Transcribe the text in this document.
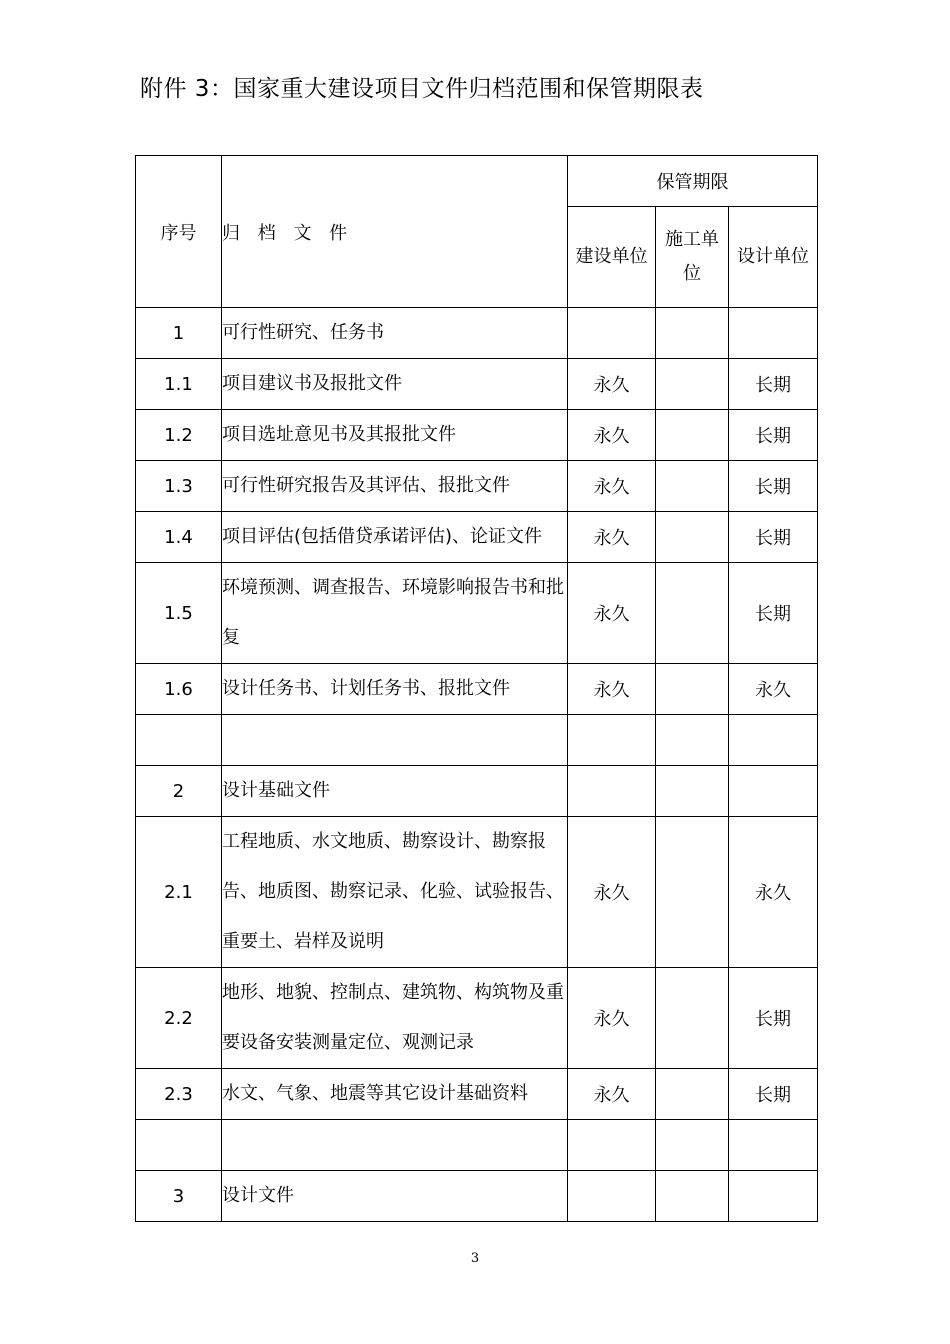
附件 3：国家重大建设项目文件归档范围和保管期限表
序号	归 档 文 件	保管期限		
		建设单位	施工单位	设计单位
1	可行性研究、任务书			
1.1	项目建议书及报批文件	永久		长期
1.2	项目选址意见书及其报批文件	永久		长期
1.3	可行性研究报告及其评估、报批文件	永久		长期
1.4	项目评估(包括借贷承诺评估)、论证文件	永久		长期
1.5	环境预测、调查报告、环境影响报告书和批复	永久		长期
1.6	设计任务书、计划任务书、报批文件	永久		永久

2	设计基础文件			
2.1	工程地质、水文地质、勘察设计、勘察报告、地质图、勘察记录、化验、试验报告、重要土、岩样及说明	永久		永久
2.2	地形、地貌、控制点、建筑物、构筑物及重要设备安装测量定位、观测记录	永久		长期
2.3	水文、气象、地震等其它设计基础资料	永久		长期

3	设计文件			
3
